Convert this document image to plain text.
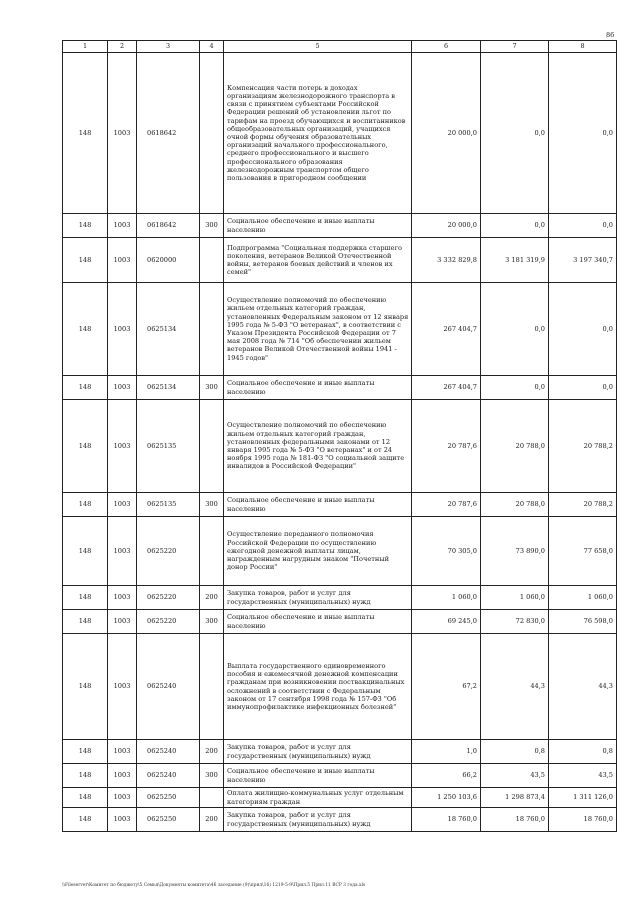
86
1	2	3	4	5	6	7	8
148	1003	0618642		Компенсация части потерь в доходах организациям железнодорожного транспорта в связи с принятием субъектами Российской Федерации решений об установлении льгот по тарифам на проезд обучающихся и воспитанников общеобразовательных организаций, учащихся очной формы обучения образовательных организаций начального профессионального, среднего профессионального и высшего профессионального образования железнодорожным транспортом общего пользования в пригородном сообщении	20 000,0	0,0	0,0
148	1003	0618642	300	Социальное обеспечение и иные выплаты населению	20 000,0	0,0	0,0
148	1003	0620000		Подпрограмма "Социальная поддержка старшего поколения, ветеранов Великой Отечественной войны, ветеранов боевых действий и членов их семей"	3 332 829,8	3 181 319,9	3 197 340,7
148	1003	0625134		Осуществление полномочий по обеспечению жильем отдельных категорий граждан, установленных Федеральным законом от 12 января 1995 года № 5-ФЗ "О ветеранах", в соответствии с Указом Президента Российской Федерации от 7 мая 2008 года № 714 "Об обеспечении жильем ветеранов Великой Отечественной войны 1941 - 1945 годов"	267 404,7	0,0	0,0
148	1003	0625134	300	Социальное обеспечение и иные выплаты населению	267 404,7	0,0	0,0
148	1003	0625135		Осуществление полномочий по обеспечению жильем отдельных категорий граждан, установленных федеральными законами от 12 января 1995 года № 5-ФЗ "О ветеранах" и от 24 ноября 1995 года № 181-ФЗ "О социальной защите инвалидов в Российской Федерации"	20 787,6	20 788,0	20 788,2
148	1003	0625135	300	Социальное обеспечение и иные выплаты населению	20 787,6	20 788,0	20 788,2
148	1003	0625220		Осуществление переданного полномочия Российской Федерации по осуществлению ежегодной денежной выплаты лицам, награжденным нагрудным знаком "Почетный донор России"	70 305,0	73 890,0	77 658,0
148	1003	0625220	200	Закупка товаров, работ и услуг для государственных (муниципальных) нужд	1 060,0	1 060,0	1 060,0
148	1003	0625220	300	Социальное обеспечение и иные выплаты населению	69 245,0	72 830,0	76 598,0
148	1003	0625240		Выплата государственного единовременного пособия и ежемесячной денежной компенсации гражданам при возникновении поствакцинальных осложнений в соответствии с Федеральным законом от 17 сентября 1998 года № 157-ФЗ "Об иммунопрофилактике инфекционных болезней"	67,2	44,3	44,3
148	1003	0625240	200	Закупка товаров, работ и услуг для государственных (муниципальных) нужд	1,0	0,8	0,8
148	1003	0625240	300	Социальное обеспечение и иные выплаты населению	66,2	43,5	43,5
148	1003	0625250		Оплата жилищно-коммунальных услуг отдельным категориям граждан	1 250 103,6	1 298 873,4	1 311 126,0
148	1003	0625250	200	Закупка товаров, работ и услуг для государственных (муниципальных) нужд	18 760,0	18 760,0	18 760,0
\\Fileserver\Комитет по бюджету\5 Семья\Документы комитета\46 заседание (9)\прил\16) 1219-5-9\Прил.5 Прил.11 ВСР 3 года.xls
